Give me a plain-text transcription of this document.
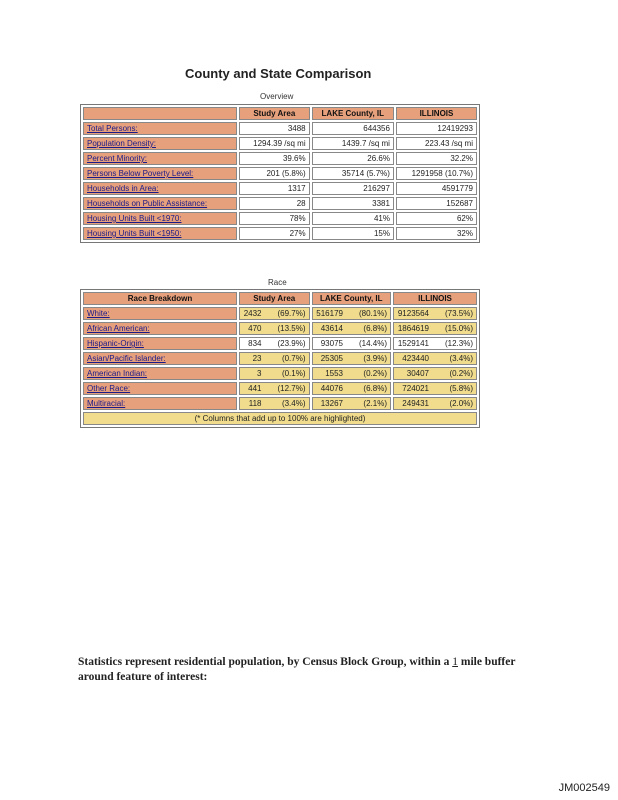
County and State Comparison
Overview
	Study Area	LAKE County, IL	ILLINOIS
Total Persons:	3488	644356	12419293
Population Density:	1294.39 /sq mi	1439.7 /sq mi	223.43 /sq mi
Percent Minority:	39.6%	26.6%	32.2%
Persons Below Poverty Level:	201 (5.8%)	35714 (5.7%)	1291958 (10.7%)
Households in Area:	1317	216297	4591779
Households on Public Assistance:	28	3381	152687
Housing Units Built <1970:	78%	41%	62%
Housing Units Built <1950:	27%	15%	32%
Race
Race Breakdown	Study Area	LAKE County, IL	ILLINOIS
White:	2432 (69.7%)	516179 (80.1%)	9123564 (73.5%)

African American:	470 (13.5%)	43614 (6.8%)	1864619 (15.0%)

Hispanic-Origin:	834 (23.9%)	93075 (14.4%)	1529141 (12.3%)

Asian/Pacific Islander:	23 (0.7%)	25305 (3.9%)	423440 (3.4%)

American Indian:	3 (0.1%)	1553 (0.2%)	30407 (0.2%)

Other Race:	441 (12.7%)	44076 (6.8%)	724021 (5.8%)

Multiracial:	118 (3.4%)	13267 (2.1%)	249431 (2.0%)

(* Columns that add up to 100% are highlighted)			
Statistics represent residential population, by Census Block Group, within a 1 mile buffer around feature of interest:
JM002549
